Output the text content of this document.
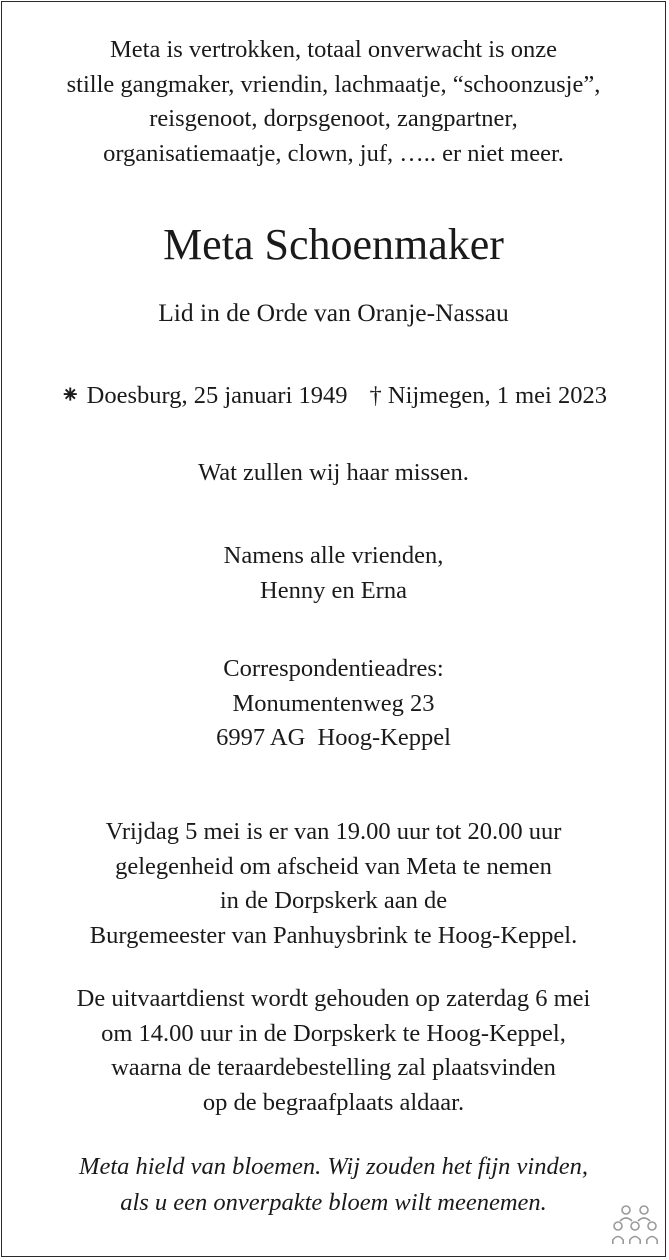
Meta is vertrokken, totaal onverwacht is onze
stille gangmaker, vriendin, lachmaatje, “schoonzusje”,
reisgenoot, dorpsgenoot, zangpartner,
organisatiemaatje, clown, juf, ….. er niet meer.
Meta Schoenmaker
Lid in de Orde van Oranje-Nassau
⁕ Doesburg, 25 januari 1949 † Nijmegen, 1 mei 2023
Wat zullen wij haar missen.
Namens alle vrienden,
Henny en Erna
Correspondentieadres:
Monumentenweg 23
6997 AG Hoog-Keppel
Vrijdag 5 mei is er van 19.00 uur tot 20.00 uur
gelegenheid om afscheid van Meta te nemen
in de Dorpskerk aan de
Burgemeester van Panhuysbrink te Hoog-Keppel.
De uitvaartdienst wordt gehouden op zaterdag 6 mei
om 14.00 uur in de Dorpskerk te Hoog-Keppel,
waarna de teraardebestelling zal plaatsvinden
op de begraafplaats aldaar.
Meta hield van bloemen. Wij zouden het fijn vinden,
als u een onverpakte bloem wilt meenemen.
